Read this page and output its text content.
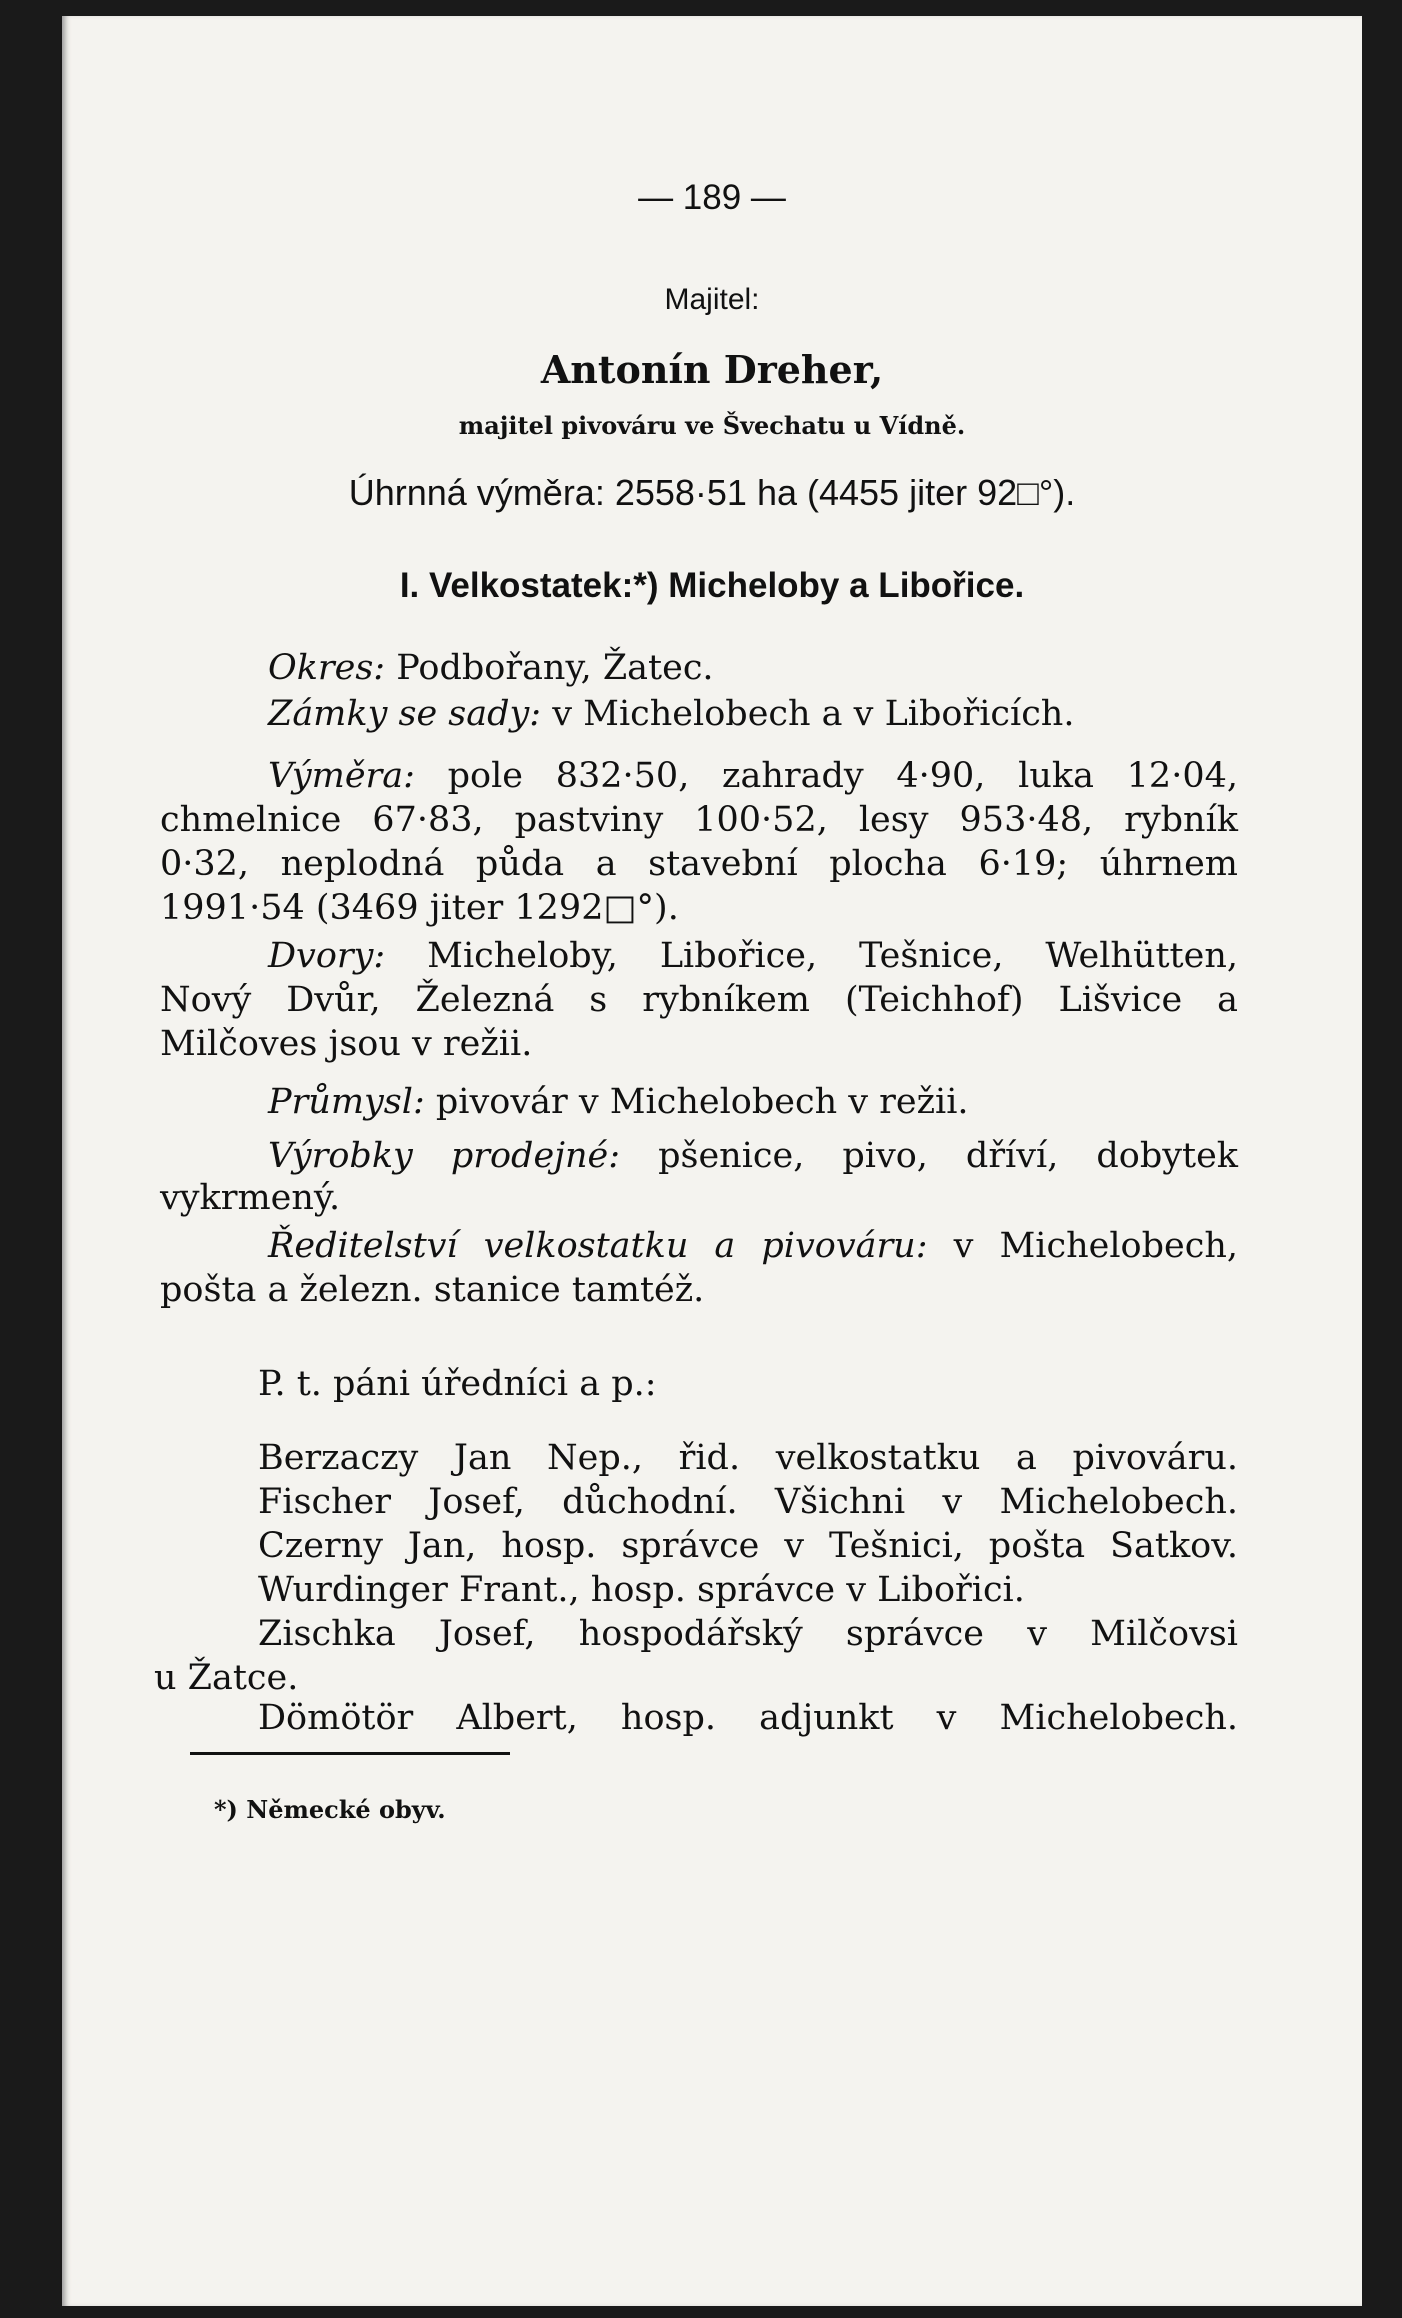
— 189 —
Majitel:
Antonín Dreher,
majitel pivováru ve Švechatu u Vídně.
Úhrnná výměra: 2558·51 ha (4455 jiter 92□°).
I. Velkostatek:*) Micheloby a Libořice.
Okres: Podbořany, Žatec.
Zámky se sady: v Michelobech a v Libořicích.
Výměra: pole 832·50, zahrady 4·90, luka 12·04,
chmelnice 67·83, pastviny 100·52, lesy 953·48, rybník
0·32, neplodná půda a stavební plocha 6·19; úhrnem
1991·54 (3469 jiter 1292□°).
Dvory: Micheloby, Libořice, Tešnice, Welhütten,
Nový Dvůr, Železná s rybníkem (Teichhof) Lišvice a
Milčoves jsou v režii.
Průmysl: pivovár v Michelobech v režii.
Výrobky prodejné: pšenice, pivo, dříví, dobytek
vykrmený.
Ředitelství velkostatku a pivováru: v Michelobech,
pošta a železn. stanice tamtéž.
P. t. páni úředníci a p.:
Berzaczy Jan Nep., řid. velkostatku a pivováru.
Fischer Josef, důchodní. Všichni v Michelobech.
Czerny Jan, hosp. správce v Tešnici, pošta Satkov.
Wurdinger Frant., hosp. správce v Libořici.
Zischka Josef, hospodářský správce v Milčovsi
u Žatce.
Dömötör Albert, hosp. adjunkt v Michelobech.
*) Německé obyv.
